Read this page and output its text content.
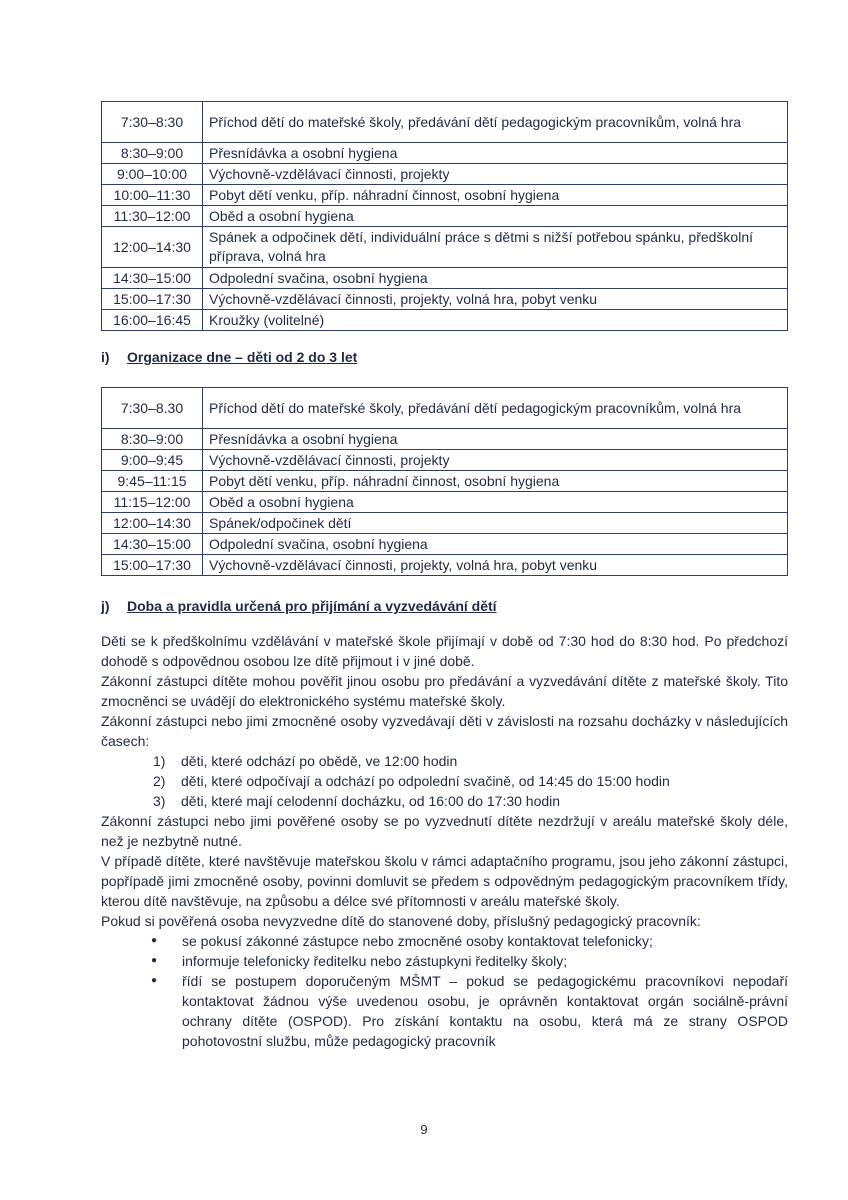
7:30–8:30	Příchod dětí do mateřské školy, předávání dětí pedagogickým pracovníkům, volná hra
8:30–9:00	Přesnídávka a osobní hygiena
9:00–10:00	Výchovně-vzdělávací činnosti, projekty
10:00–11:30	Pobyt dětí venku, příp. náhradní činnost, osobní hygiena
11:30–12:00	Oběd a osobní hygiena
12:00–14:30	Spánek a odpočinek dětí, individuální práce s dětmi s nižší potřebou spánku, předškolní příprava, volná hra
14:30–15:00	Odpolední svačina, osobní hygiena
15:00–17:30	Výchovně-vzdělávací činnosti, projekty, volná hra, pobyt venku
16:00–16:45	Kroužky (volitelné)
i) Organizace dne – děti od 2 do 3 let
7:30–8.30	Příchod dětí do mateřské školy, předávání dětí pedagogickým pracovníkům, volná hra
8:30–9:00	Přesnídávka a osobní hygiena
9:00–9:45	Výchovně-vzdělávací činnosti, projekty
9:45–11:15	Pobyt dětí venku, příp. náhradní činnost, osobní hygiena
11:15–12:00	Oběd a osobní hygiena
12:00–14:30	Spánek/odpočinek dětí
14:30–15:00	Odpolední svačina, osobní hygiena
15:00–17:30	Výchovně-vzdělávací činnosti, projekty, volná hra, pobyt venku
j) Doba a pravidla určená pro přijímání a vyzvedávání dětí

Děti se k předškolnímu vzdělávání v mateřské škole přijímají v době od 7:30 hod do 8:30 hod. Po předchozí dohodě s odpovědnou osobou lze dítě přijmout i v jiné době.

Zákonní zástupci dítěte mohou pověřit jinou osobu pro předávání a vyzvedávání dítěte z mateřské školy. Tito zmocněnci se uvádějí do elektronického systému mateřské školy.

Zákonní zástupci nebo jimi zmocněné osoby vyzvedávají děti v závislosti na rozsahu docházky v následujících časech:

1) děti, které odchází po obědě, ve 12:00 hodin
2) děti, které odpočívají a odchází po odpolední svačině, od 14:45 do 15:00 hodin
3) děti, které mají celodenní docházku, od 16:00 do 17:30 hodin

Zákonní zástupci nebo jimi pověřené osoby se po vyzvednutí dítěte nezdržují v areálu mateřské školy déle, než je nezbytně nutné.

V případě dítěte, které navštěvuje mateřskou školu v rámci adaptačního programu, jsou jeho zákonní zástupci, popřípadě jimi zmocněné osoby, povinni domluvit se předem s odpovědným pedagogickým pracovníkem třídy, kterou dítě navštěvuje, na způsobu a délce své přítomnosti v areálu mateřské školy.

Pokud si pověřená osoba nevyzvedne dítě do stanovené doby, příslušný pedagogický pracovník:

● se pokusí zákonné zástupce nebo zmocněné osoby kontaktovat telefonicky;
● informuje telefonicky ředitelku nebo zástupkyni ředitelky školy;
● řídí se postupem doporučeným MŠMT – pokud se pedagogickému pracovníkovi nepodaří kontaktovat žádnou výše uvedenou osobu, je oprávněn kontaktovat orgán sociálně-právní ochrany dítěte (OSPOD). Pro získání kontaktu na osobu, která má ze strany OSPOD pohotovostní službu, může pedagogický pracovník
9
